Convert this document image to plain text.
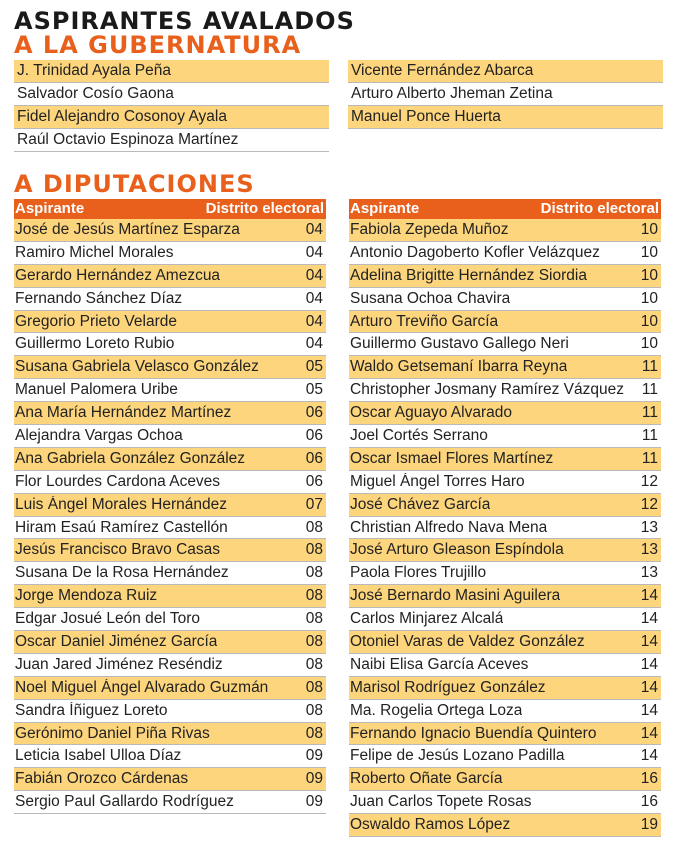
ASPIRANTES AVALADOS
A LA GUBERNATURA
J. Trinidad Ayala Peña
Salvador Cosío Gaona
Fidel Alejandro Cosonoy Ayala
Raúl Octavio Espinoza Martínez
Vicente Fernández Abarca
Arturo Alberto Jheman Zetina
Manuel Ponce Huerta
A DIPUTACIONES
Aspirante	Distrito electoral
José de Jesús Martínez Esparza	04
Ramiro Michel Morales	04
Gerardo Hernández Amezcua	04
Fernando Sánchez Díaz	04
Gregorio Prieto Velarde	04
Guillermo Loreto Rubio	04
Susana Gabriela Velasco González	05
Manuel Palomera Uribe	05
Ana María Hernández Martínez	06
Alejandra Vargas Ochoa	06
Ana Gabriela González González	06
Flor Lourdes Cardona Aceves	06
Luis Ángel Morales Hernández	07
Hiram Esaú Ramírez Castellón	08
Jesús Francisco Bravo Casas	08
Susana De la Rosa Hernández	08
Jorge Mendoza Ruiz	08
Edgar Josué León del Toro	08
Oscar Daniel Jiménez García	08
Juan Jared Jiménez Reséndiz	08
Noel Miguel Ángel Alvarado Guzmán 08
Sandra Íñiguez Loreto	08
Gerónimo Daniel Piña Rivas	08
Leticia Isabel Ulloa Díaz	09
Fabián Orozco Cárdenas	09
Sergio Paul Gallardo Rodríguez	09
Aspirante	Distrito electoral
Fabiola Zepeda Muñoz	10
Antonio Dagoberto Kofler Velázquez	10
Adelina Brigitte Hernández Siordia	10
Susana Ochoa Chavira	10
Arturo Treviño García	10
Guillermo Gustavo Gallego Neri	10
Waldo Getsemaní Ibarra Reyna	11
Christopher Josmany Ramírez Vázquez 11
Oscar Aguayo Alvarado	11
Joel Cortés Serrano	11
Oscar Ismael Flores Martínez	11
Miguel Ángel Torres Haro	12
José Chávez García	12
Christian Alfredo Nava Mena	13
José Arturo Gleason Espíndola	13
Paola Flores Trujillo	13
José Bernardo Masini Aguilera	14
Carlos Minjarez Alcalá	14
Otoniel Varas de Valdez González	14
Naibi Elisa García Aceves	14
Marisol Rodríguez González	14
Ma. Rogelia Ortega Loza	14
Fernando Ignacio Buendía Quintero	14
Felipe de Jesús Lozano Padilla	14
Roberto Oñate García	16
Juan Carlos Topete Rosas	16
Oswaldo Ramos López	19
